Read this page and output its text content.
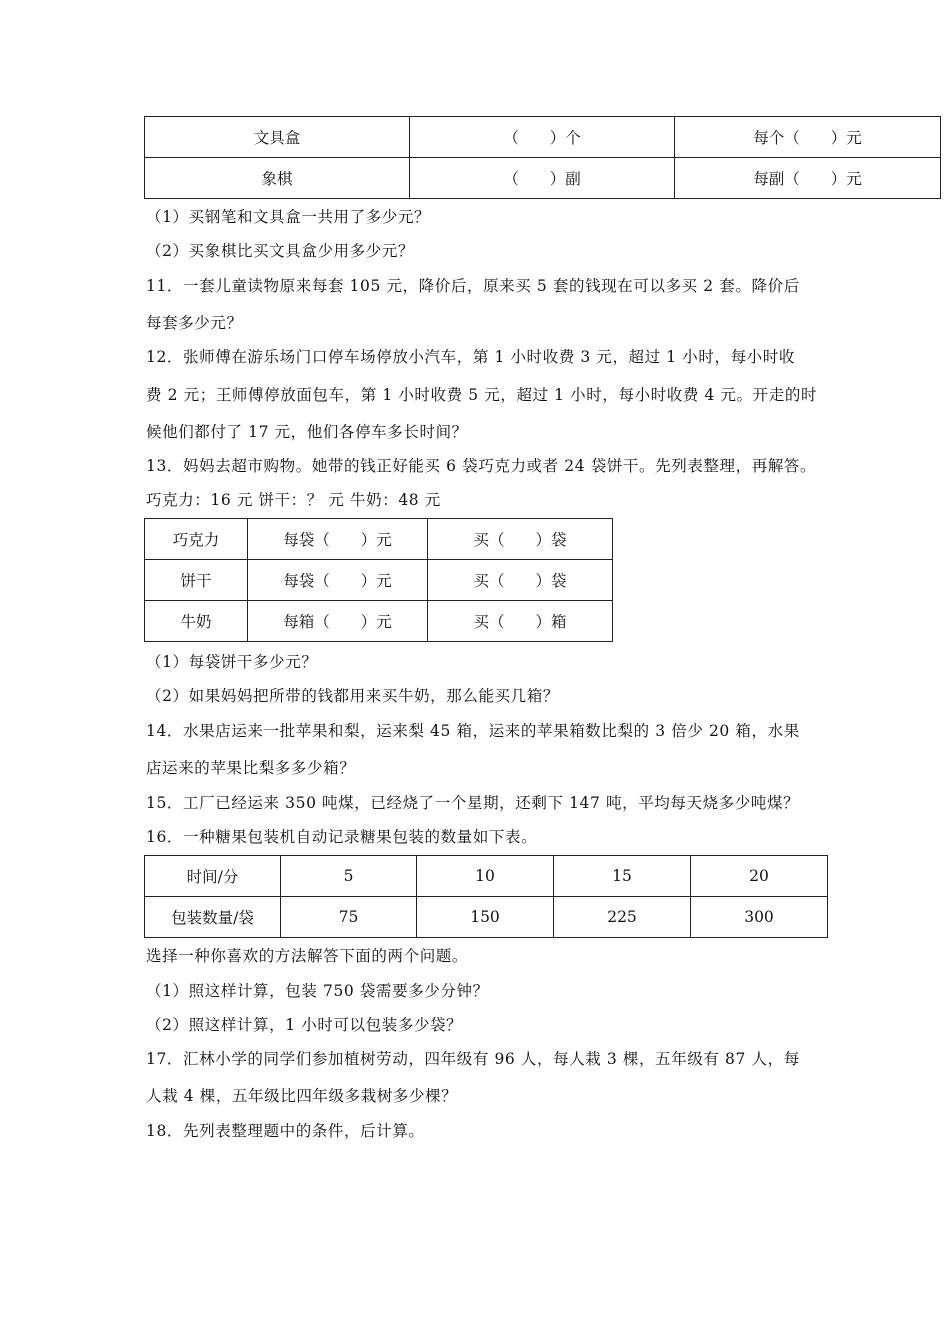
文具盒	（　　）个	每个（　　）元
象棋	（　　）副	每副（　　）元
（1）买钢笔和文具盒一共用了多少元？
（2）买象棋比买文具盒少用多少元？
11．一套儿童读物原来每套 105 元，降价后，原来买 5 套的钱现在可以多买 2 套。降价后
每套多少元？
12．张师傅在游乐场门口停车场停放小汽车，第 1 小时收费 3 元，超过 1 小时，每小时收
费 2 元；王师傅停放面包车，第 1 小时收费 5 元，超过 1 小时，每小时收费 4 元。开走的时
候他们都付了 17 元，他们各停车多长时间？
13．妈妈去超市购物。她带的钱正好能买 6 袋巧克力或者 24 袋饼干。先列表整理，再解答。
巧克力：16 元 饼干：？ 元 牛奶：48 元
巧克力	每袋（　　）元	买（　　）袋
饼干	每袋（　　）元	买（　　）袋
牛奶	每箱（　　）元	买（　　）箱
（1）每袋饼干多少元？
（2）如果妈妈把所带的钱都用来买牛奶，那么能买几箱？
14．水果店运来一批苹果和梨，运来梨 45 箱，运来的苹果箱数比梨的 3 倍少 20 箱，水果
店运来的苹果比梨多多少箱？
15．工厂已经运来 350 吨煤，已经烧了一个星期，还剩下 147 吨，平均每天烧多少吨煤？
16．一种糖果包装机自动记录糖果包装的数量如下表。
时间/分	5	10	15	20
包装数量/袋	75	150	225	300
选择一种你喜欢的方法解答下面的两个问题。
（1）照这样计算，包装 750 袋需要多少分钟？
（2）照这样计算，1 小时可以包装多少袋？
17．汇林小学的同学们参加植树劳动，四年级有 96 人，每人栽 3 棵，五年级有 87 人，每
人栽 4 棵，五年级比四年级多栽树多少棵？
18．先列表整理题中的条件，后计算。
